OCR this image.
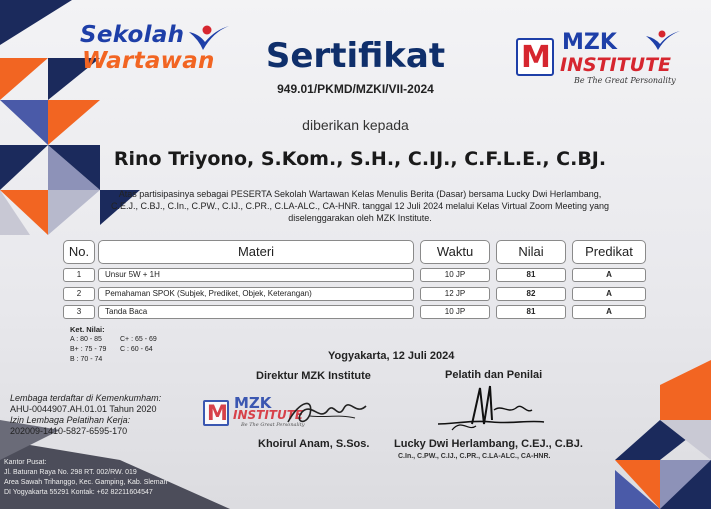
Sekolah
Wartawan	M MZK
INSTITUTE
Be The Great Personality
Sertifikat
949.01/PKMD/MZKI/VII-2024
diberikan kepada
Rino Triyono, S.Kom., S.H., C.IJ., C.F.L.E., C.BJ.
Atas partisipasinya sebagai PESERTA Sekolah Wartawan Kelas Menulis Berita (Dasar) bersama Lucky Dwi Herlambang, C.E.J., C.BJ., C.In., C.PW., C.IJ., C.PR., C.LA-ALC., CA-HNR. tanggal 12 Juli 2024 melalui Kelas Virtual Zoom Meeting yang diselenggarakan oleh MZK Institute.
No.	Materi	Waktu	Nilai	Predikat
1	Unsur 5W + 1H	10 JP	81	A
2	Pemahaman SPOK (Subjek, Prediket, Objek, Keterangan)	12 JP	82	A
3	Tanda Baca	10 JP	81	A
Ket. Nilai:
A : 80 - 85	C+ : 65 - 69
B+ : 75 - 79 C : 60 - 64
B : 70 - 74	Yogyakarta, 12 Juli 2024
Direktur MZK Institute	Pelatih dan Penilai
M MZK
INSTITUTE
Be The Great Personality
Khoirul Anam, S.Sos. Lucky Dwi Herlambang, C.EJ., C.BJ.
C.In., C.PW., C.IJ., C.PR., C.LA-ALC., CA-HNR.
Lembaga terdaftar di Kemenkumham:
AHU-0044907.AH.01.01 Tahun 2020
Izin Lembaga Pelatihan Kerja:
202009-1410-5827-6595-170
Kantor Pusat:
Jl. Baturan Raya No. 298 RT. 002/RW. 019
Area Sawah Trihanggo, Kec. Gamping, Kab. Sleman
DI Yogyakarta 55291 Kontak: +62 82211604547
